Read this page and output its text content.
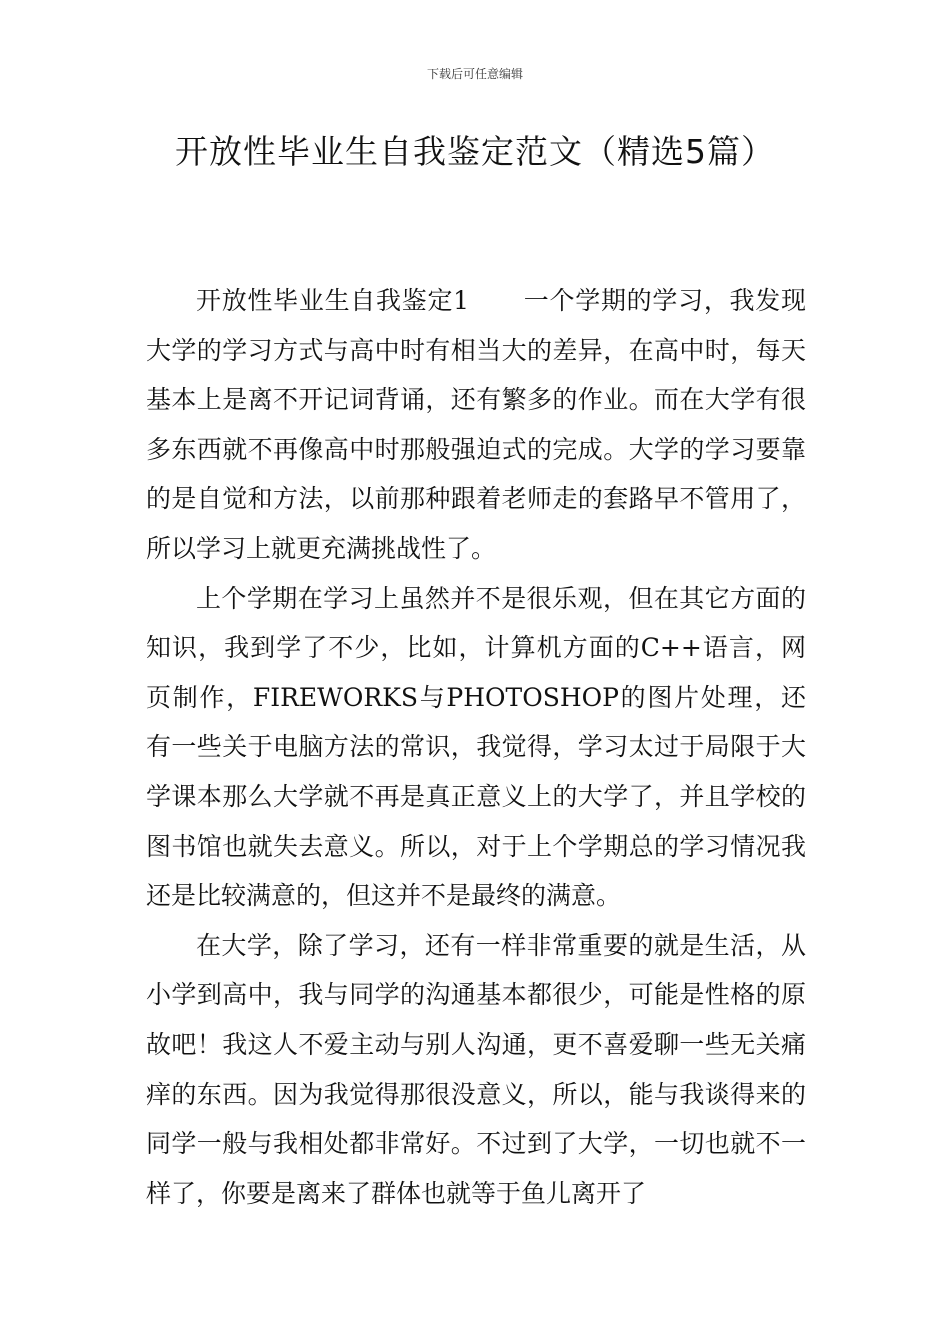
下载后可任意编辑
开放性毕业生自我鉴定范文（精选5篇）

开放性毕业生自我鉴定1 一个学期的学习，我发现大学的学习方式与高中时有相当大的差异，在高中时，每天基本上是离不开记词背诵，还有繁多的作业。而在大学有很多东西就不再像高中时那般强迫式的完成。大学的学习要靠的是自觉和方法，以前那种跟着老师走的套路早不管用了，所以学习上就更充满挑战性了。

上个学期在学习上虽然并不是很乐观，但在其它方面的知识，我到学了不少，比如，计算机方面的C++语言，网页制作，FIREWORKS与PHOTOSHOP的图片处理，还有一些关于电脑方法的常识，我觉得，学习太过于局限于大学课本那么大学就不再是真正意义上的大学了，并且学校的图书馆也就失去意义。所以，对于上个学期总的学习情况我还是比较满意的，但这并不是最终的满意。

在大学，除了学习，还有一样非常重要的就是生活，从小学到高中，我与同学的沟通基本都很少，可能是性格的原故吧！我这人不爱主动与别人沟通，更不喜爱聊一些无关痛痒的东西。因为我觉得那很没意义，所以，能与我谈得来的同学一般与我相处都非常好。不过到了大学，一切也就不一样了，你要是离来了群体也就等于鱼儿离开了
